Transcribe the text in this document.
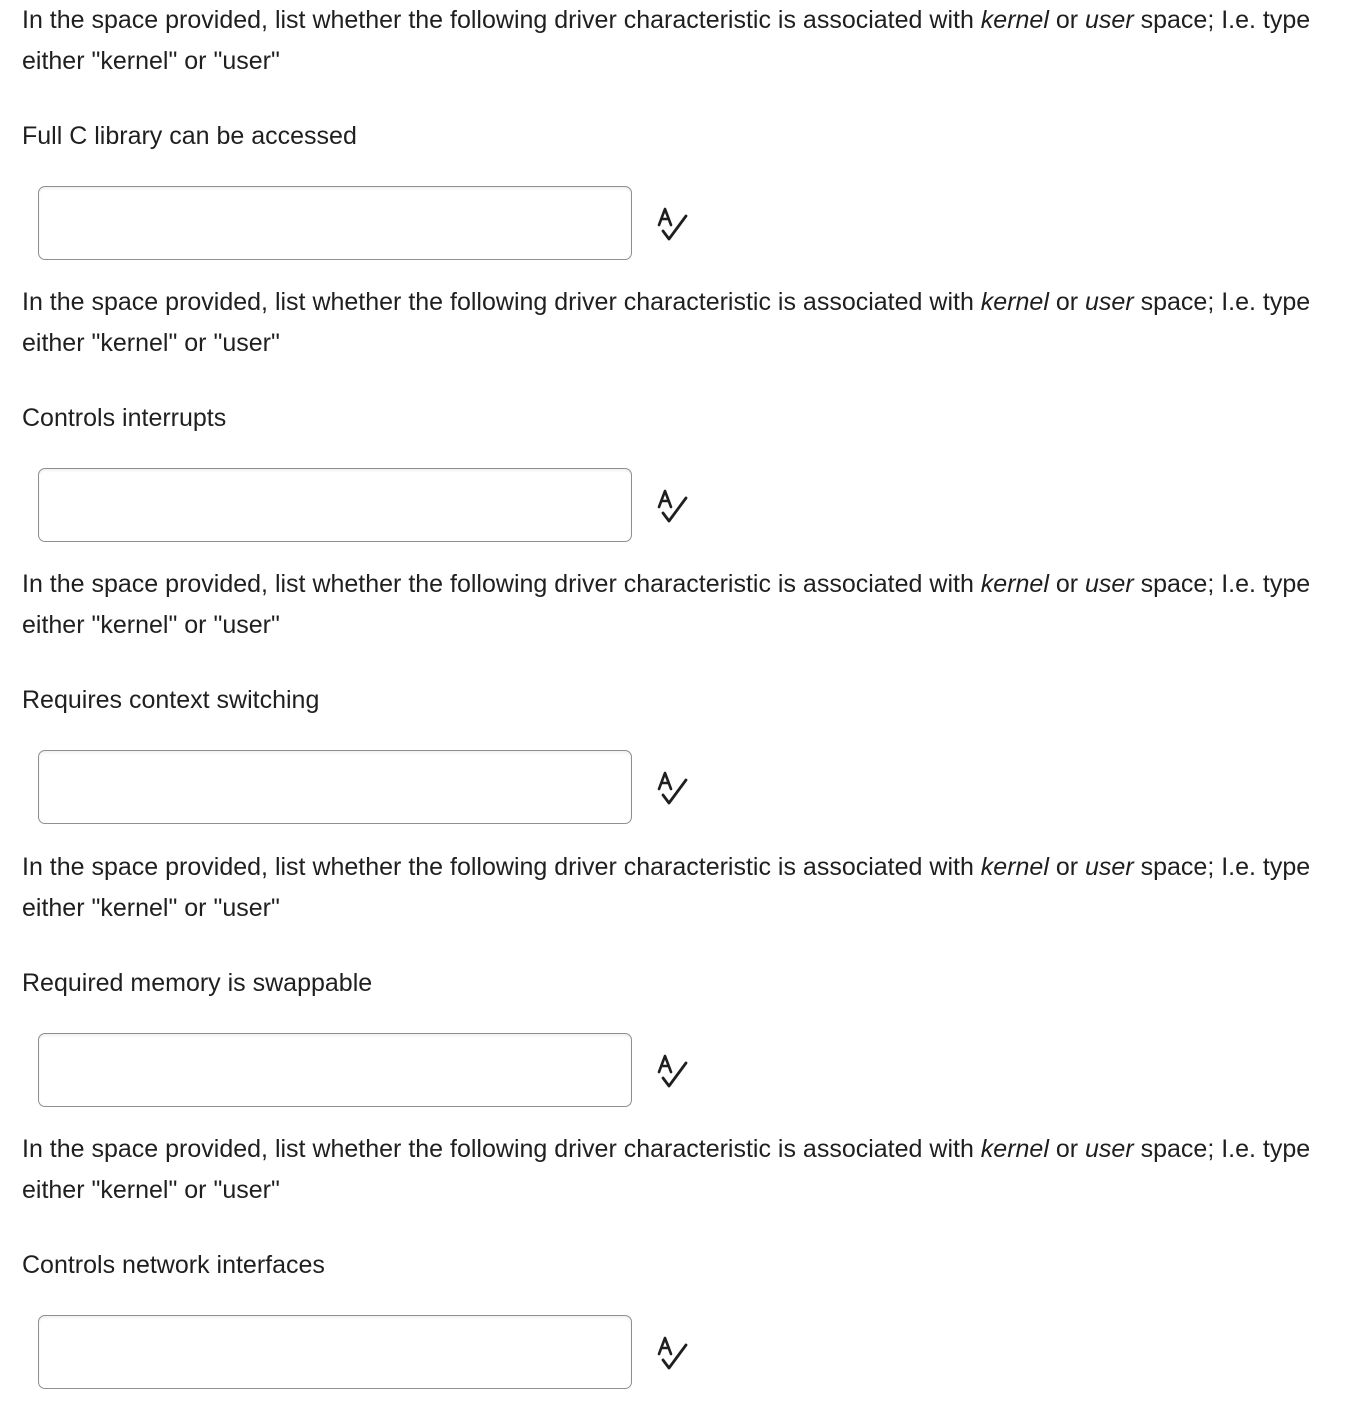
In the space provided, list whether the following driver characteristic is associated with kernel or user space; I.e. type either "kernel" or "user"

Full C library can be accessed

In the space provided, list whether the following driver characteristic is associated with kernel or user space; I.e. type either "kernel" or "user"

Controls interrupts

In the space provided, list whether the following driver characteristic is associated with kernel or user space; I.e. type either "kernel" or "user"

Requires context switching

In the space provided, list whether the following driver characteristic is associated with kernel or user space; I.e. type either "kernel" or "user"

Required memory is swappable

In the space provided, list whether the following driver characteristic is associated with kernel or user space; I.e. type either "kernel" or "user"

Controls network interfaces
